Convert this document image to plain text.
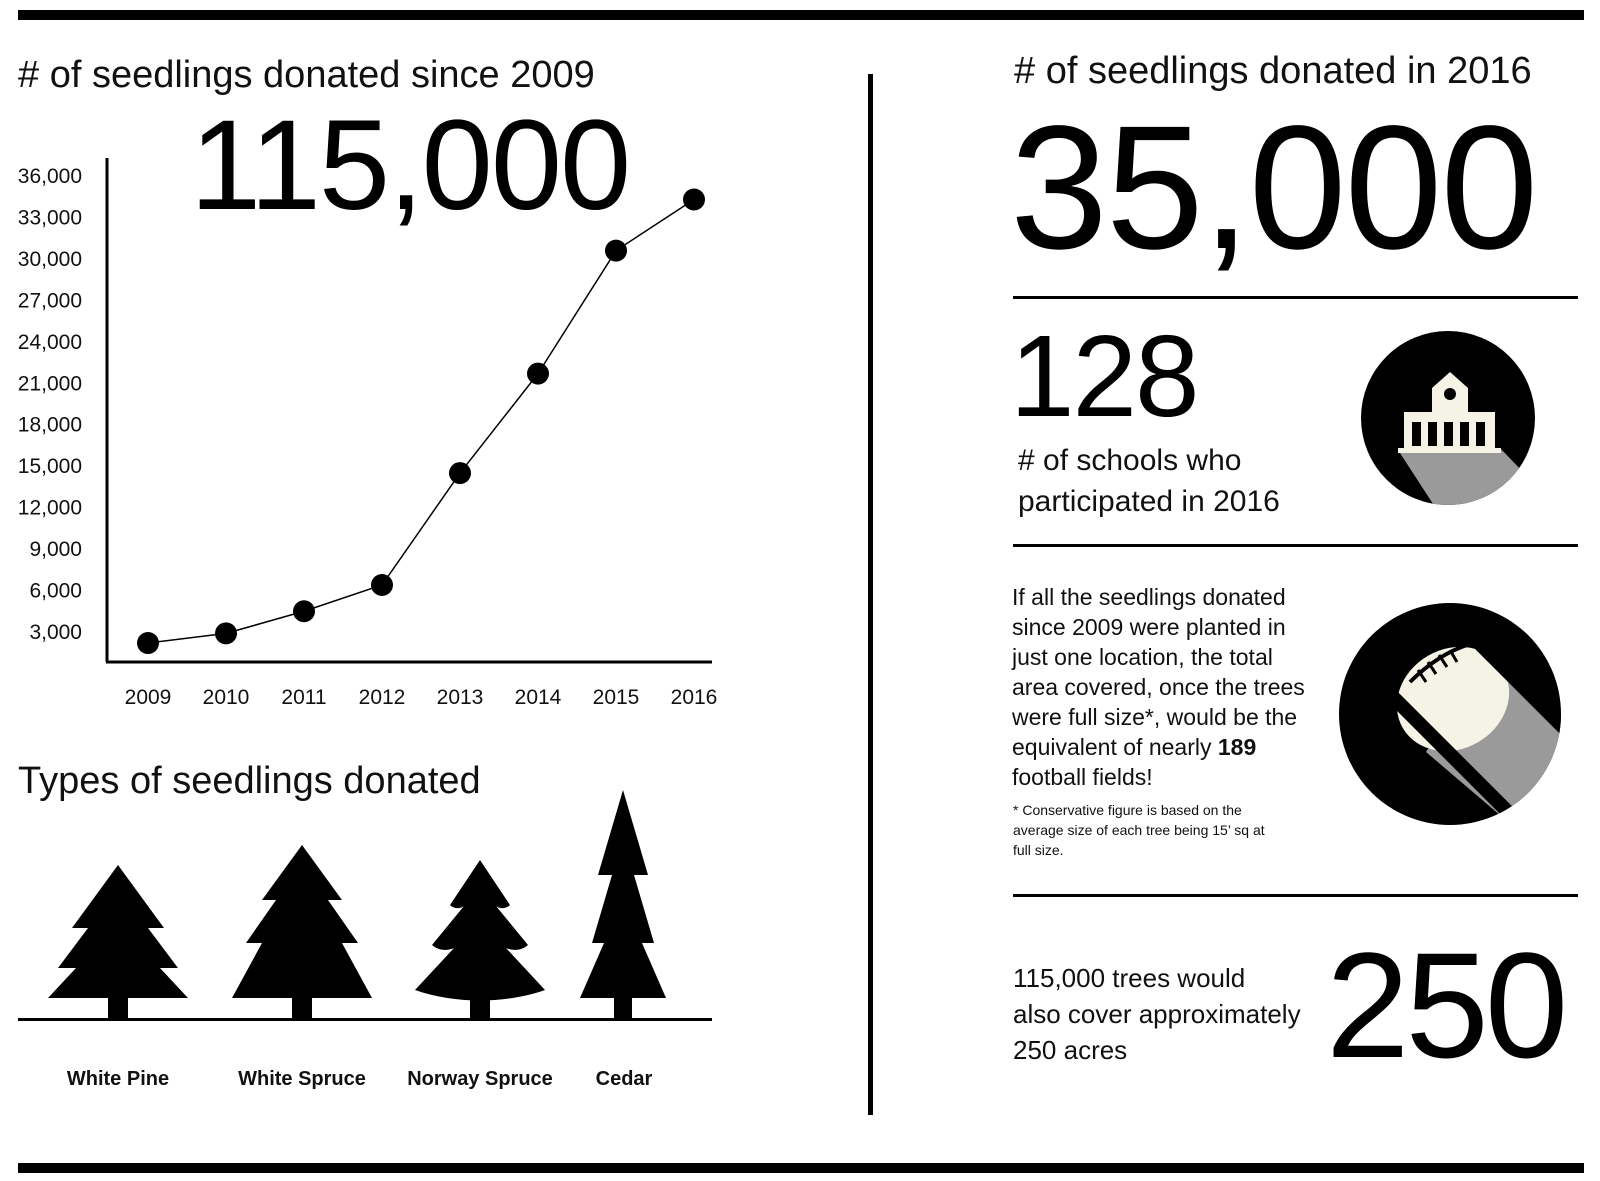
# of seedlings donated since 2009
115,000
3,000
6,000
9,000
12,000
15,000
18,000
21,000
24,000
27,000
30,000
33,000
36,000
2009 2010 2011 2012 2013 2014 2015 2016
Types of seedlings donated
White Pine	White Spruce	Norway Spruce	Cedar
# of seedlings donated in 2016
35,000
128
# of schools who
participated in 2016
If all the seedlings donated
since 2009 were planted in
just one location, the total
area covered, once the trees
were full size*, would be the
equivalent of nearly 189
football fields!
* Conservative figure is based on the
average size of each tree being 15’ sq at
full size.
115,000 trees would
also cover approximately
250 acres	250
